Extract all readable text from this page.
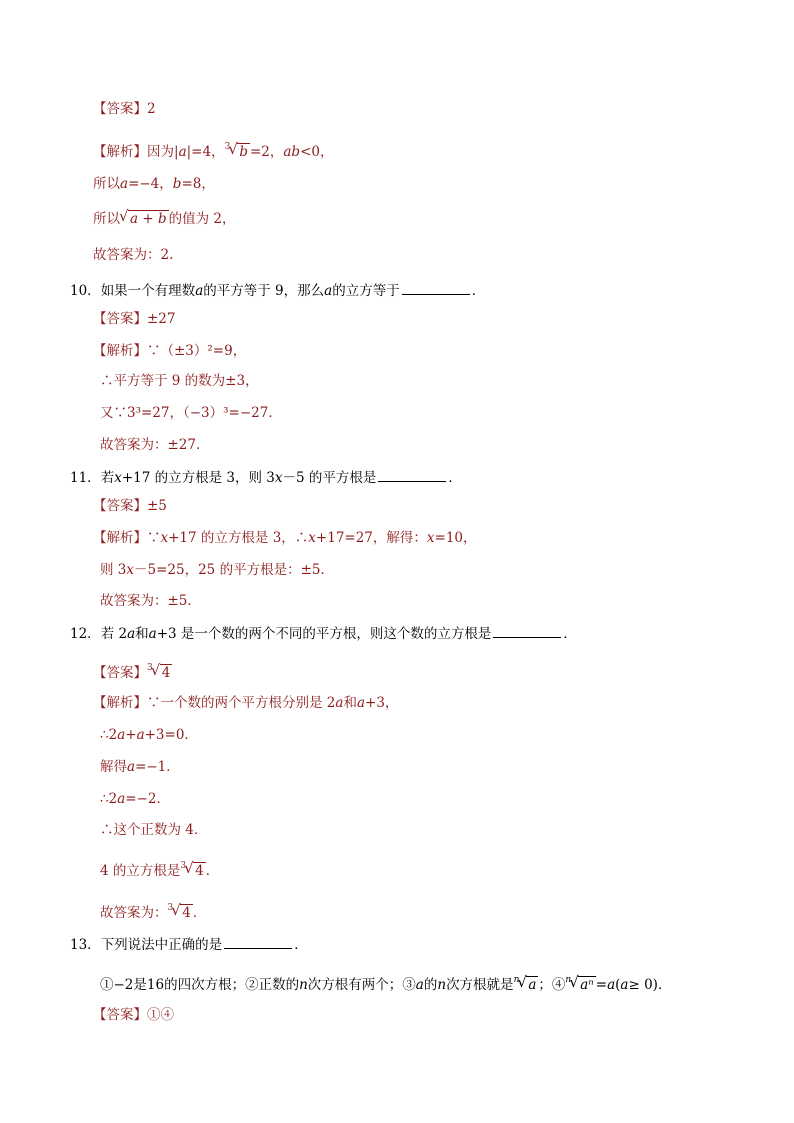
【答案】2
【解析】因为|a|=4，$^3$ √ b =2，ab<0，
所以a=−4，b=8，
所以 √ a + b 的值为 2，
故答案为：2.
10．如果一个有理数a的平方等于 9，那么a的立方等于	．
【答案】±27
【解析】∵（±3）²=9，
∴平方等于 9 的数为±3，
又∵3³=27，（−3）³=−27．
故答案为：±27．
11．若x+17 的立方根是 3，则 3x－5 的平方根是	．
【答案】±5
【解析】∵x+17 的立方根是 3，∴x+17=27，解得：x=10，
则 3x－5=25，25 的平方根是：±5．
故答案为：±5．
12．若 2a和a+3 是一个数的两个不同的平方根，则这个数的立方根是	．
【答案】$^3$ √ 4
【解析】∵一个数的两个平方根分别是 2a和a+3，
∴2a+a+3=0．
解得a=−1．
∴2a=−2．
∴这个正数为 4．
4 的立方根是$^3$ √ 4 ．
故答案为：$^3$ √ 4 ．
13．下列说法中正确的是	．
①−2是16的四次方根；②正数的n次方根有两个；③a的n次方根就是$^n$ √ a ；④$^n$ √ aⁿ =a(a≥ 0)．
【答案】①④
